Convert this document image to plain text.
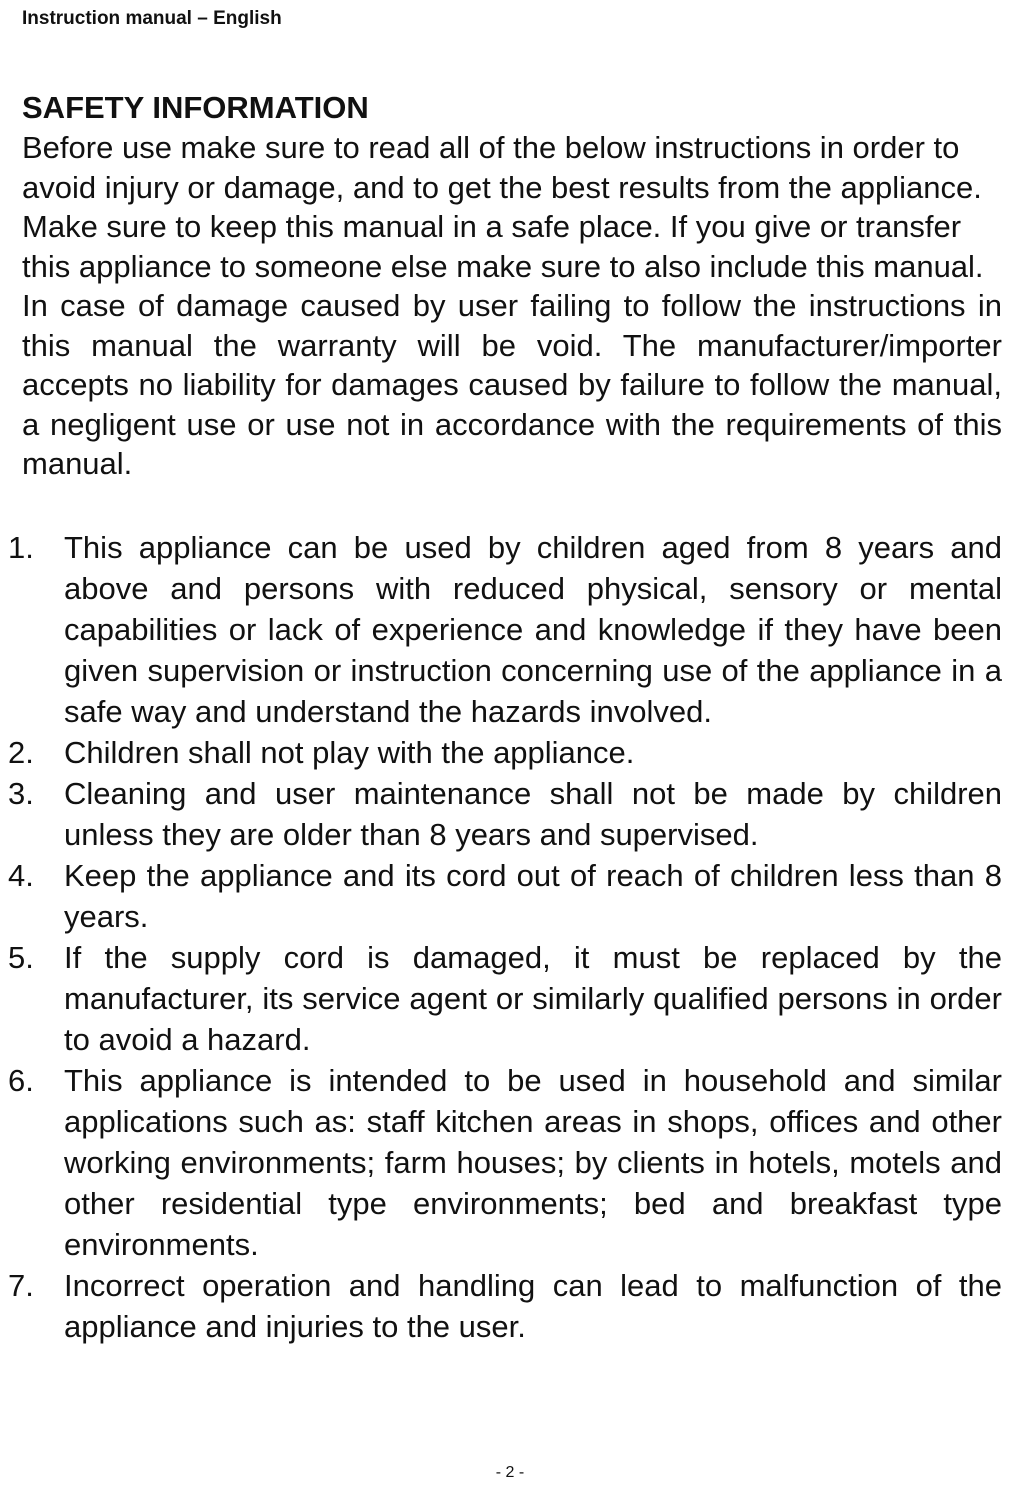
Instruction manual – English
SAFETY INFORMATION
Before use make sure to read all of the below instructions in order to avoid injury or damage, and to get the best results from the appliance. Make sure to keep this manual in a safe place. If you give or transfer this appliance to someone else make sure to also include this manual.
In case of damage caused by user failing to follow the instructions in this manual the warranty will be void. The manufacturer/importer accepts no liability for damages caused by failure to follow the manual, a negligent use or use not in accordance with the requirements of this manual.
1. This appliance can be used by children aged from 8 years and above and persons with reduced physical, sensory or mental capabilities or lack of experience and knowledge if they have been given supervision or instruction concerning use of the appliance in a safe way and understand the hazards involved.
2. Children shall not play with the appliance.
3. Cleaning and user maintenance shall not be made by children unless they are older than 8 years and supervised.
4. Keep the appliance and its cord out of reach of children less than 8 years.
5. If the supply cord is damaged, it must be replaced by the manufacturer, its service agent or similarly qualified persons in order to avoid a hazard.
6. This appliance is intended to be used in household and similar applications such as: staff kitchen areas in shops, offices and other working environments; farm houses; by clients in hotels, motels and other residential type environments; bed and breakfast type environments.
7. Incorrect operation and handling can lead to malfunction of the appliance and injuries to the user.
- 2 -
